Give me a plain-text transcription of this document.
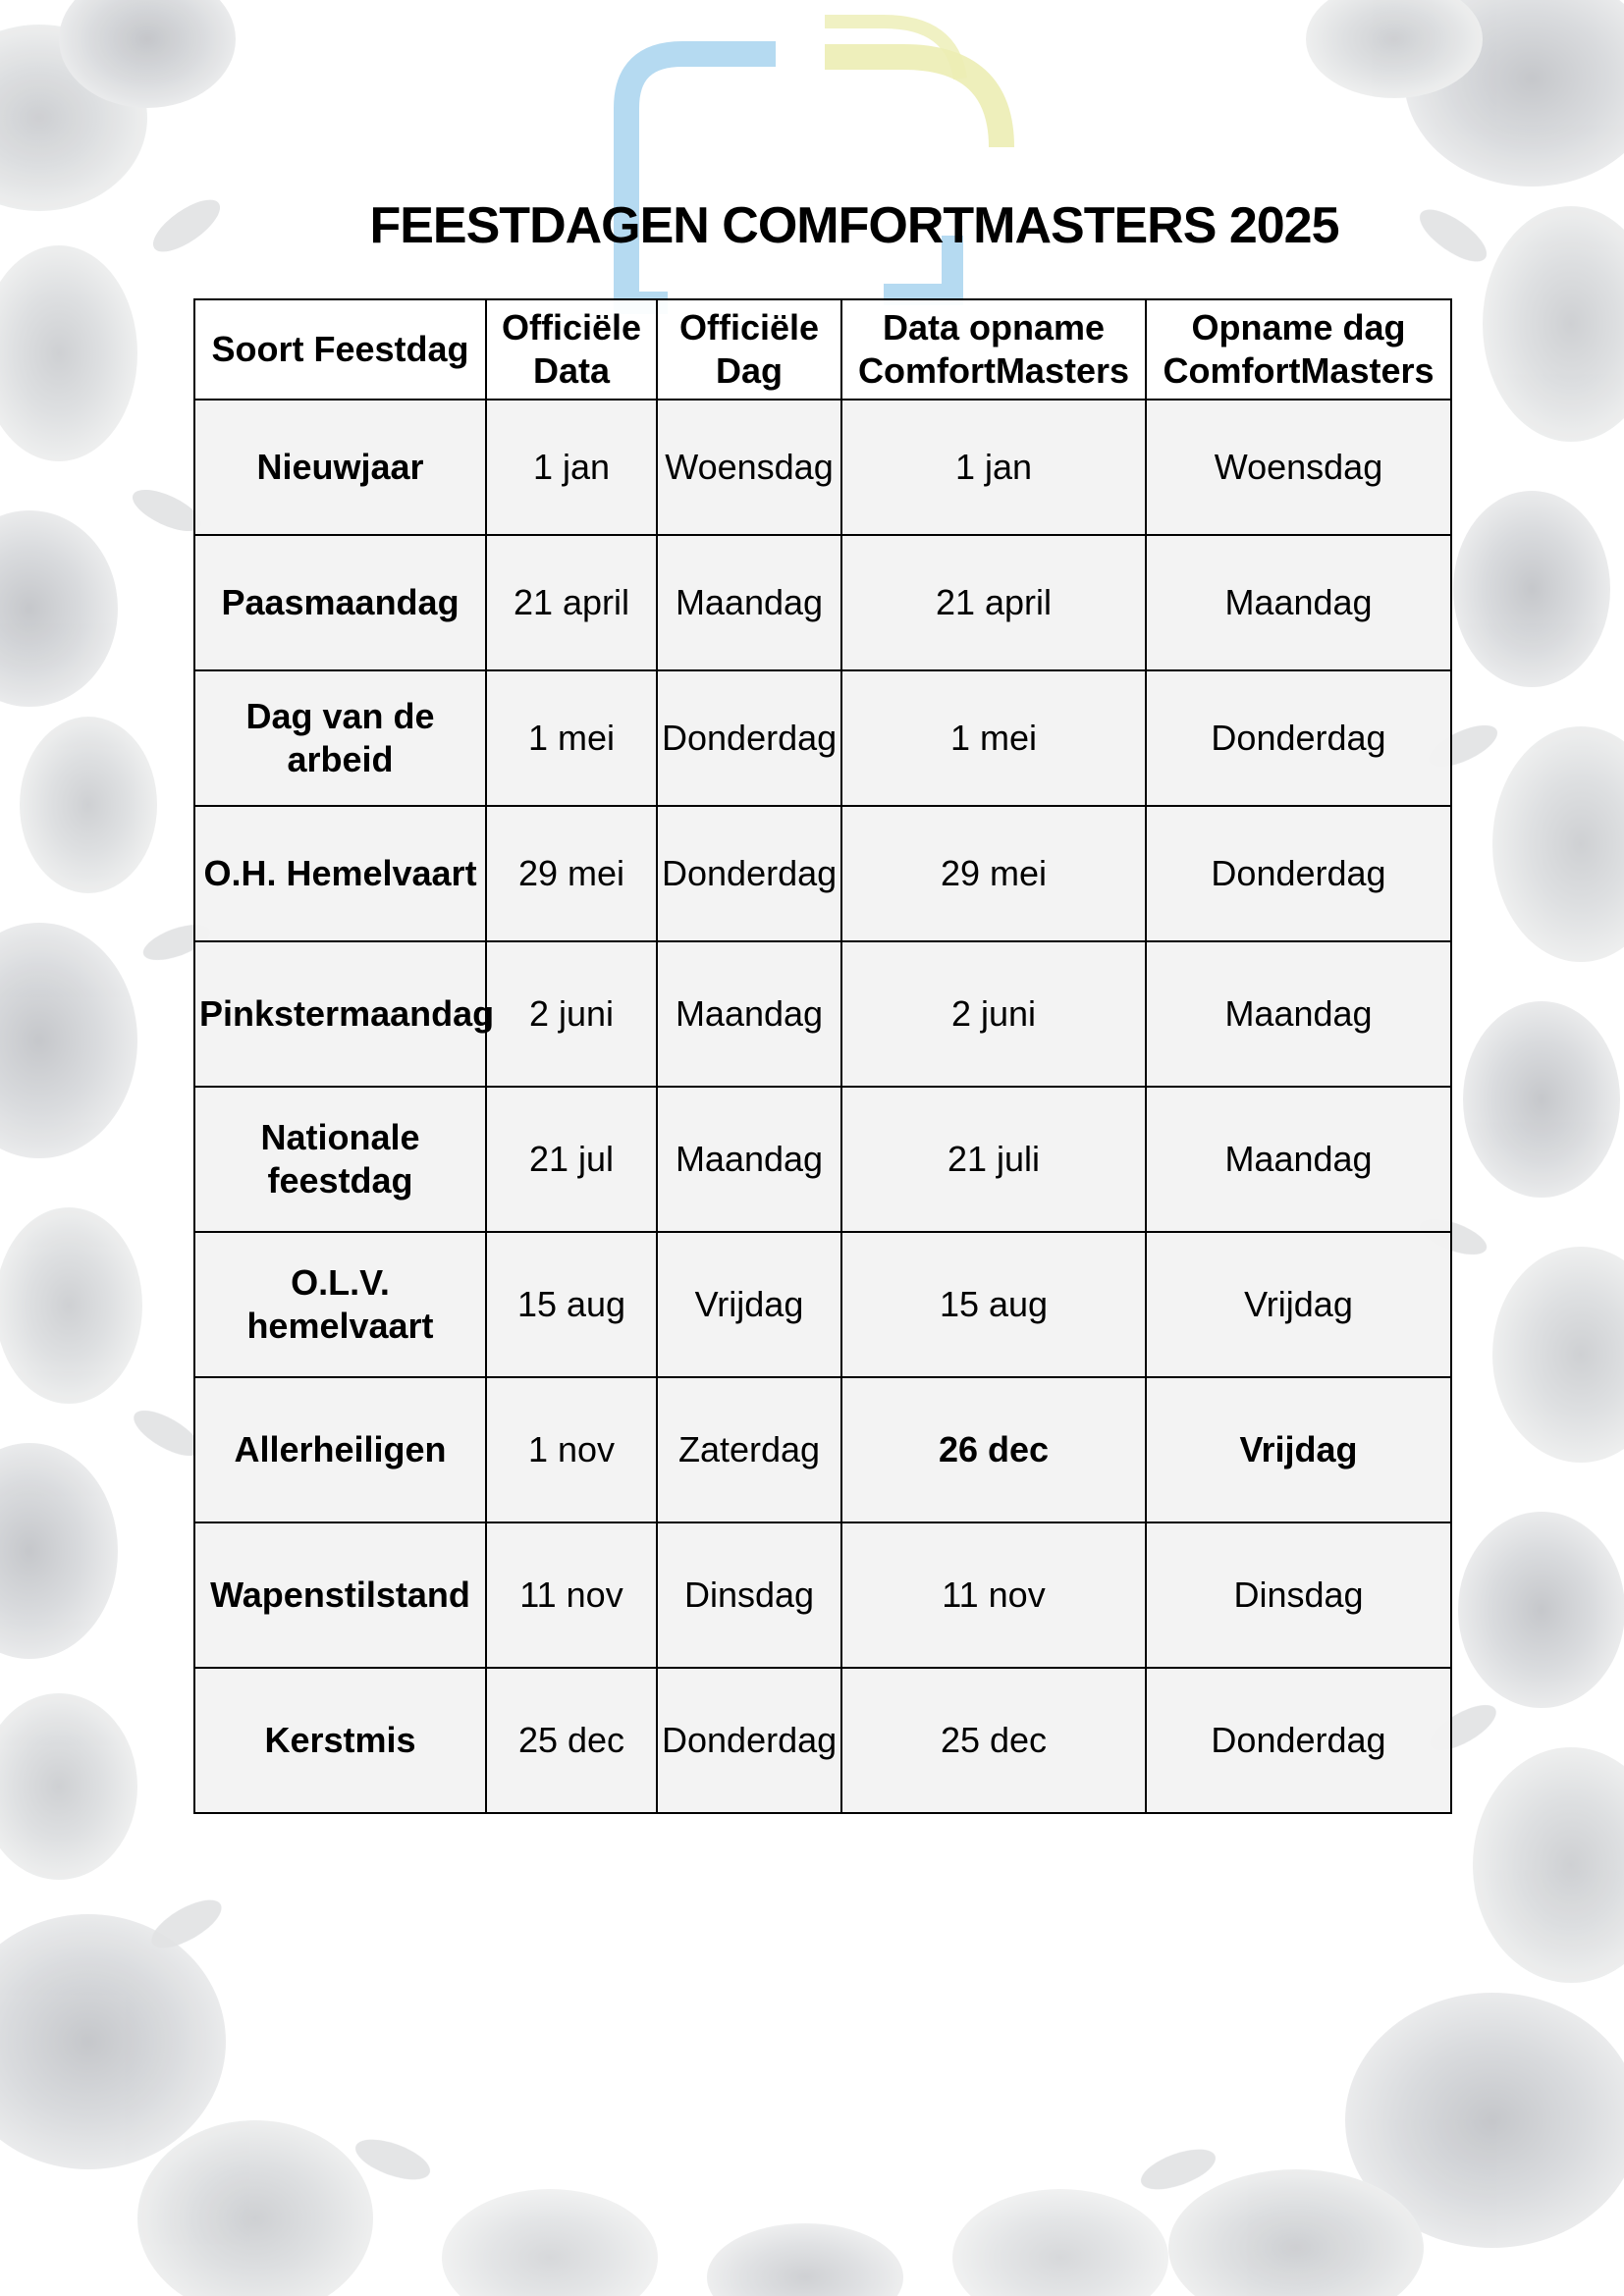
FEESTDAGEN COMFORTMASTERS 2025
Soort Feestdag	Officiële Data	Officiële Dag	Data opname ComfortMasters	Opname dag ComfortMasters
Nieuwjaar	1 jan	Woensdag	1 jan	Woensdag
Paasmaandag	21 april	Maandag	21 april	Maandag
Dag van de arbeid	1 mei	Donderdag	1 mei	Donderdag
O.H. Hemelvaart	29 mei	Donderdag	29 mei	Donderdag
Pinkstermaandag	2 juni	Maandag	2 juni	Maandag
Nationale feestdag	21 jul	Maandag	21 juli	Maandag
O.L.V. hemelvaart	15 aug	Vrijdag	15 aug	Vrijdag
Allerheiligen	1 nov	Zaterdag	26 dec	Vrijdag
Wapenstilstand	11 nov	Dinsdag	11 nov	Dinsdag
Kerstmis	25 dec	Donderdag	25 dec	Donderdag
